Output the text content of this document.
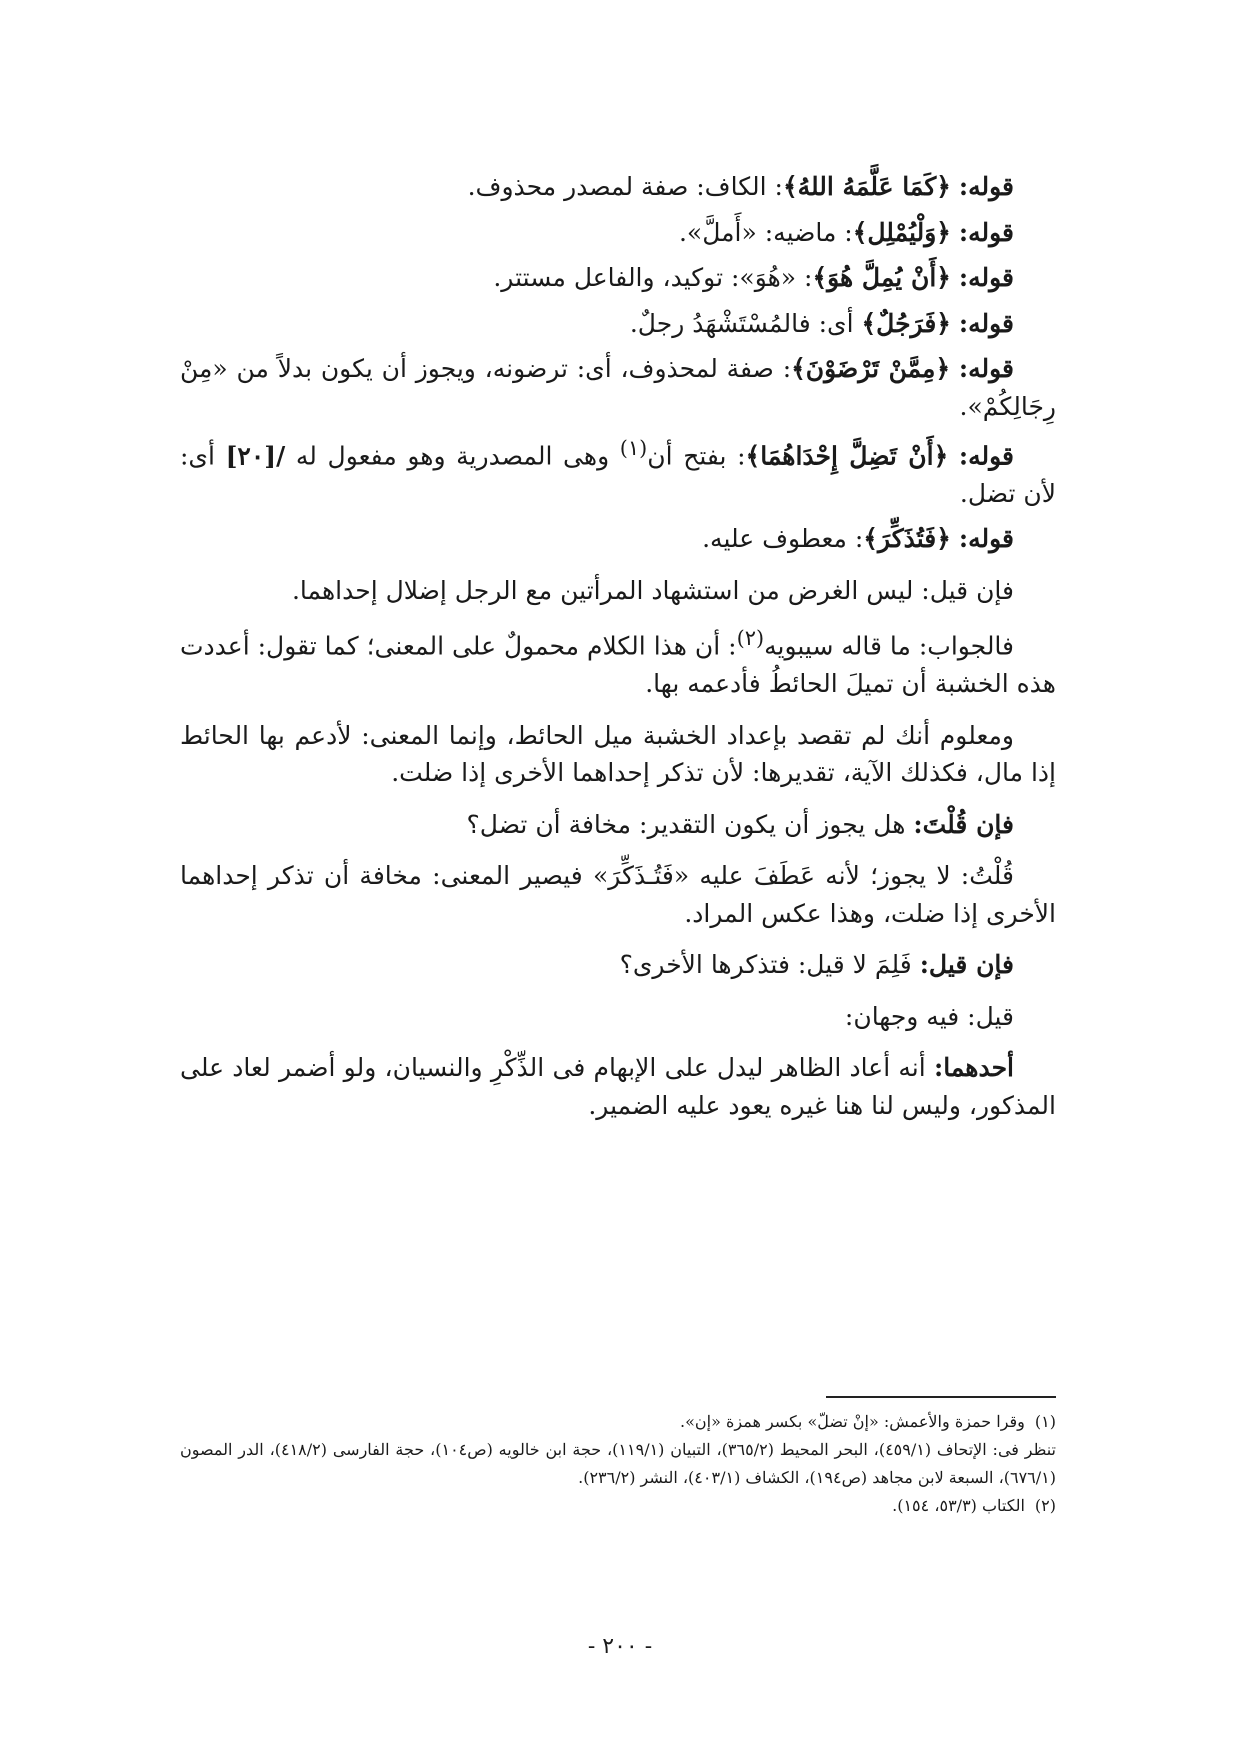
قوله: ﴿كَمَا عَلَّمَهُ اللهُ﴾: الكاف: صفة لمصدر محذوف.

قوله: ﴿وَلْيُمْلِل﴾: ماضيه: «أَملَّ».

قوله: ﴿أَنْ يُمِلَّ هُوَ﴾: «هُوَ»: توكيد، والفاعل مستتر.

قوله: ﴿فَرَجُلٌ﴾ أى: فالمُسْتَشْهَدُ رجلٌ.

قوله: ﴿مِمَّنْ تَرْضَوْنَ﴾: صفة لمحذوف، أى: ترضونه، ويجوز أن يكون بدلاً من «مِنْ رِجَالِكُمْ».

قوله: ﴿أَنْ تَضِلَّ إِحْدَاهُمَا﴾: بفتح أن$^{(١)}$ وهى المصدرية وهو مفعول له /[٢٠] أى: لأن تضل.

قوله: ﴿فَتُذَكِّرَ﴾: معطوف عليه.

فإن قيل: ليس الغرض من استشهاد المرأتين مع الرجل إضلال إحداهما.

فالجواب: ما قاله سيبويه$^{(٢)}$: أن هذا الكلام محمولٌ على المعنى؛ كما تقول: أعددت هذه الخشبة أن تميلَ الحائطُ فأدعمه بها.

ومعلوم أنك لم تقصد بإعداد الخشبة ميل الحائط، وإنما المعنى: لأدعم بها الحائط إذا مال، فكذلك الآية، تقديرها: لأن تذكر إحداهما الأخرى إذا ضلت.

فإن قُلْتَ: هل يجوز أن يكون التقدير: مخافة أن تضل؟

قُلْتُ: لا يجوز؛ لأنه عَطَفَ عليه «فَتُـذَكِّرَ» فيصير المعنى: مخافة أن تذكر إحداهما الأخرى إذا ضلت، وهذا عكس المراد.

فإن قيل: فَلِمَ لا قيل: فتذكرها الأخرى؟

قيل: فيه وجهان:

أحدهما: أنه أعاد الظاهر ليدل على الإبهام فى الذِّكْرِ والنسيان، ولو أضمر لعاد على المذكور، وليس لنا هنا غيره يعود عليه الضمير.

(١)وقرا حمزة والأعمش: «إنْ تضلّ» بكسر همزة «إن».

تنظر فى: الإتحاف (٤٥٩/١)، البحر المحيط (٣٦٥/٢)، التبيان (١١٩/١)، حجة ابن خالويه (ص١٠٤)، حجة الفارسى (٤١٨/٢)، الدر المصون (٦٧٦/١)، السبعة لابن مجاهد (ص١٩٤)، الكشاف (٤٠٣/١)، النشر (٢٣٦/٢).

(٢)الكتاب (٥٣/٣، ١٥٤).

- ٢٠٠ -
